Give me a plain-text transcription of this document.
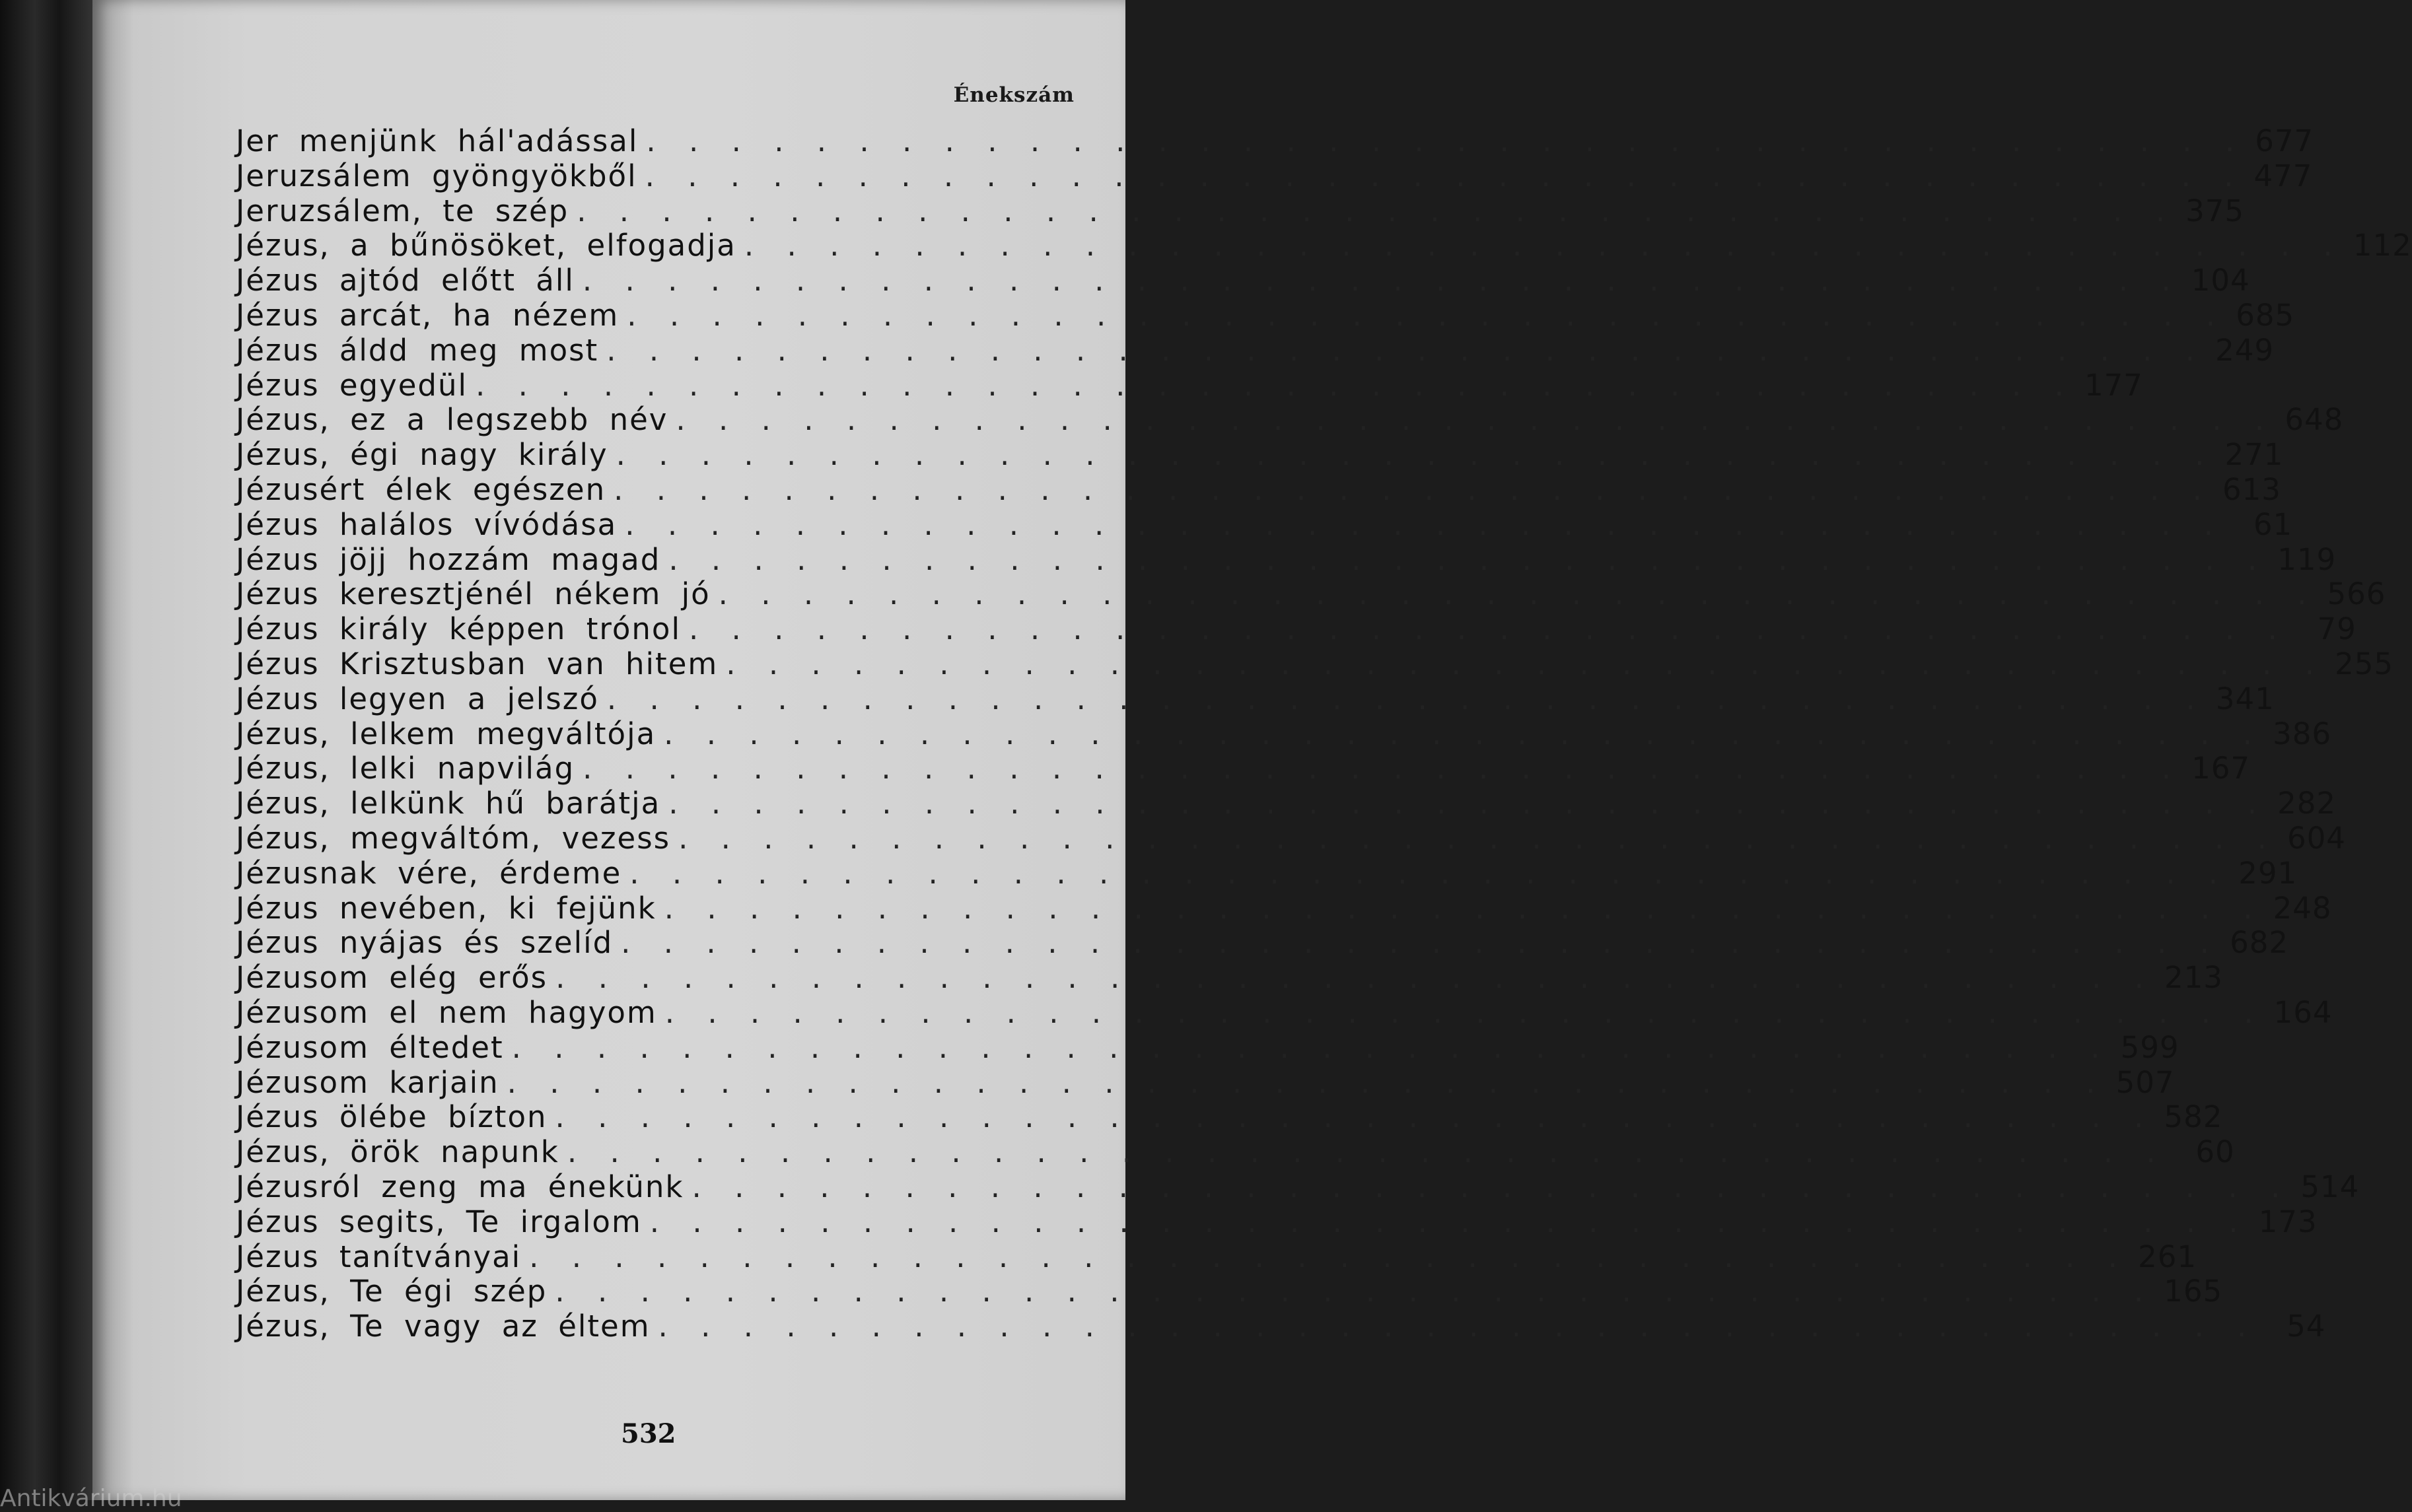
Énekszám
Jer menjünk hál'adással . . .	677
Jeruzsálem gyöngyökből . . .	477
Jeruzsálem, te szép . . .	375
Jézus, a bűnösöket, elfogadja . . .	112
Jézus ajtód előtt áll . . .	104
Jézus arcát, ha nézem . . .	685
Jézus áldd meg most . . .	249
Jézus egyedül . . .	177
Jézus, ez a legszebb név . . .	648
Jézus, égi nagy király . . .	271
Jézusért élek egészen . . .	613
Jézus halálos vívódása . . .	61
Jézus jöjj hozzám magad . . .	119
Jézus keresztjénél nékem jó . . .	566
Jézus király képpen trónol . . .	79
Jézus Krisztusban van hitem . . .	255
Jézus legyen a jelszó . . .	341
Jézus, lelkem megváltója . . .	386
Jézus, lelki napvilág . . .	167
Jézus, lelkünk hű barátja . . .	282
Jézus, megváltóm, vezess . . .	604
Jézusnak vére, érdeme . . .	291
Jézus nevében, ki fejünk . . .	248
Jézus nyájas és szelíd . . .	682
Jézusom elég erős . . .	213
Jézusom el nem hagyom . . .	164
Jézusom éltedet . . .	599
Jézusom karjain . . .	507
Jézus ölébe bízton . . .	582
Jézus, örök napunk . . .	60
Jézusról zeng ma énekünk . . .	514
Jézus segits, Te irgalom . . .	173
Jézus tanítványai . . .	261
Jézus, Te égi szép . . .	165
Jézus, Te vagy az éltem . . .	54
532
Antikvárium.hu
